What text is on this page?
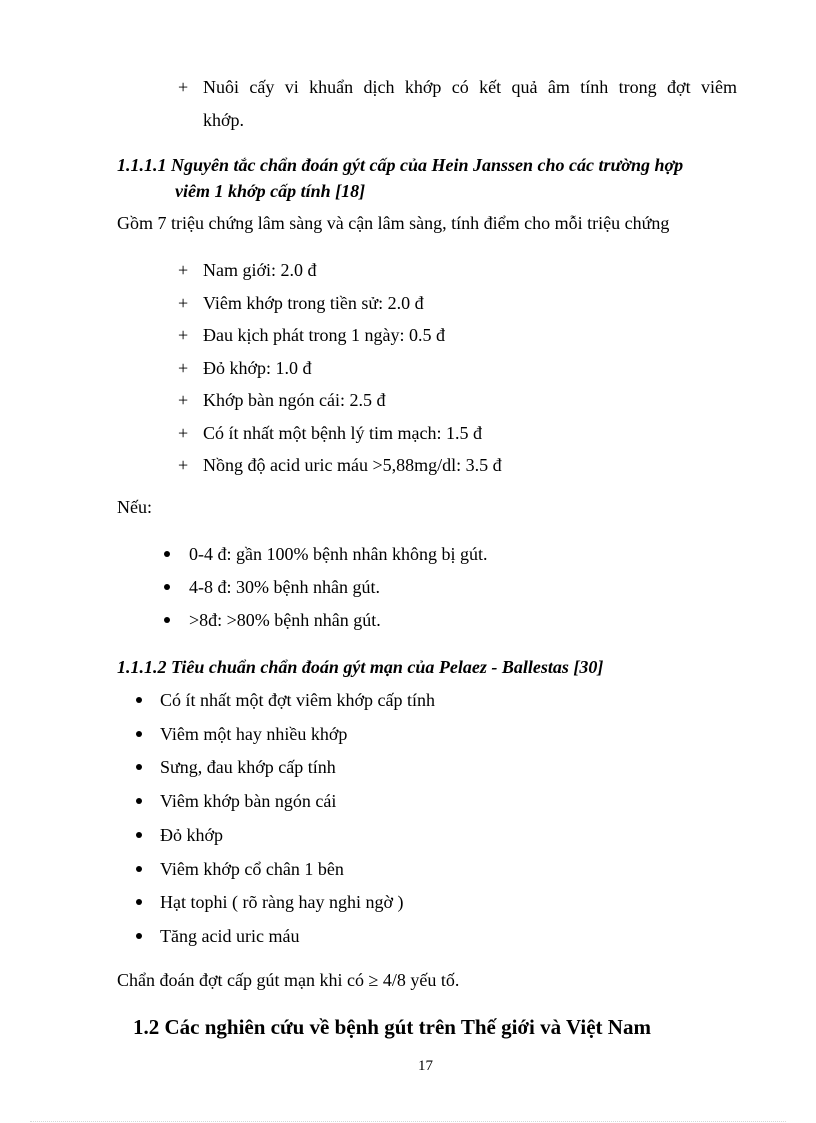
+ Nuôi cấy vi khuẩn dịch khớp có kết quả âm tính trong đợt viêm
khớp.
1.1.1.1 Nguyên tắc chẩn đoán gýt cấp của Hein Janssen cho các trường hợp
viêm 1 khớp cấp tính [18]
Gồm 7 triệu chứng lâm sàng và cận lâm sàng, tính điểm cho mỗi triệu chứng
+ Nam giới: 2.0 đ
+ Viêm khớp trong tiền sử: 2.0 đ
+ Đau kịch phát trong 1 ngày: 0.5 đ
+ Đỏ khớp: 1.0 đ
+ Khớp bàn ngón cái: 2.5 đ
+ Có ít nhất một bệnh lý tim mạch: 1.5 đ
+ Nồng độ acid uric máu >5,88mg/dl: 3.5 đ
Nếu:
0-4 đ: gần 100% bệnh nhân không bị gút.
4-8 đ: 30% bệnh nhân gút.
>8đ: >80% bệnh nhân gút.
1.1.1.2 Tiêu chuẩn chẩn đoán gýt mạn của Pelaez - Ballestas [30]
Có ít nhất một đợt viêm khớp cấp tính
Viêm một hay nhiều khớp
Sưng, đau khớp cấp tính
Viêm khớp bàn ngón cái
Đỏ khớp
Viêm khớp cổ chân 1 bên
Hạt tophi ( rõ ràng hay nghi ngờ )
Tăng acid uric máu
Chẩn đoán đợt cấp gút mạn khi có ≥ 4/8 yếu tố.
1.2 Các nghiên cứu về bệnh gút trên Thế giới và Việt Nam
17
